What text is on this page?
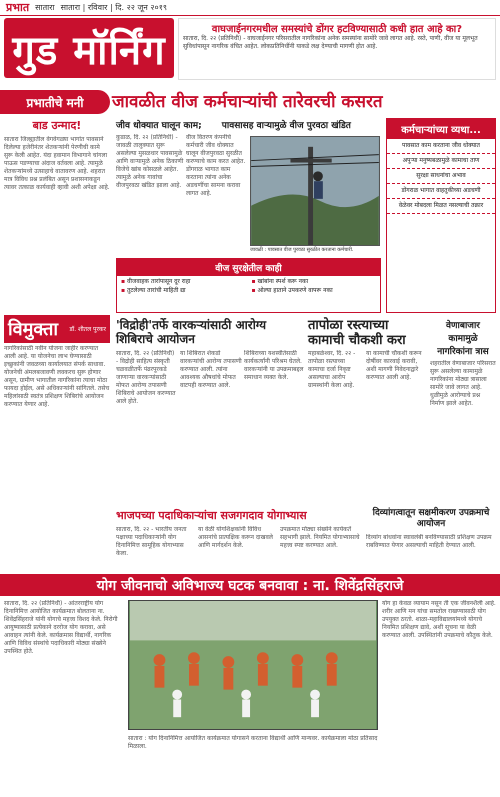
प्रभात सातारा सातारा | रविवार | दि. २२ जून २०१९
गुड मॉर्निंग	वाघजाईनगरमधील समस्यांचे डोंगर हटविण्यासाठी कधी हात आहे का?
सातारा, दि. २२ (प्रतिनिधी) - वाघजाईनगर परिसरातील नागरिकांना अनेक समस्यांना सामोरे जावे लागत आहे. रस्ते, पाणी, वीज या मूलभूत सुविधांपासून नागरिक वंचित आहेत. लोकप्रतिनिधींनी याकडे लक्ष देण्याची मागणी होत आहे.
प्रभातीचे मनी	जावळीत वीज कर्मचाऱ्यांची तारेवरची कसरत
बाड उन्माद!
सातारा जिल्ह्यातील वेगवेगळ्या भागांत पावसाने दिलेल्या हजेरीनंतर शेतकऱ्यांनी पेरणीची कामे सुरू केली आहेत. यंदा हवामान विभागाने चांगला पाऊस पडण्याचा अंदाज वर्तवला आहे. त्यामुळे शेतकऱ्यांमध्ये उत्साहाचे वातावरण आहे. शहरात मात्र विविध प्रश्न प्रलंबित असून प्रशासनाकडून त्यावर तत्काळ कार्यवाही व्हावी अशी अपेक्षा आहे.
विमुक्ता डॉ. शीतल पुरकर
नागरिकांसाठी नवीन योजना जाहीर करण्यात आली आहे. या योजनेचा लाभ घेण्यासाठी इच्छुकांनी जवळच्या कार्यालयात संपर्क साधावा. योजनेची अंमलबजावणी लवकरच सुरू होणार असून, ग्रामीण भागातील नागरिकांना त्याचा मोठा फायदा होईल, असे अधिकाऱ्यांनी सांगितले. तसेच महिलांसाठी स्वतंत्र प्रशिक्षण शिबिरांचे आयोजन करण्यात येणार आहे.
जीव धोक्यात घालून काम; पावसासह वाऱ्यामुळे वीज पुरवठा खंडित
कुडाळ, दि. २२ (प्रतिनिधी) - जावळी तालुक्यात सुरू असलेल्या मुसळधार पावसामुळे आणि वाऱ्यामुळे अनेक ठिकाणी विजेचे खांब कोसळले आहेत. त्यामुळे अनेक गावांचा वीजपुरवठा खंडित झाला आहे.
वीज वितरण कंपनीचे कर्मचारी जीव धोक्यात घालून वीजपुरवठा सुरळीत करण्याचे काम करत आहेत. डोंगराळ भागात काम करताना त्यांना अनेक अडचणींचा सामना करावा लागत आहे.
जावळी : पावसात वीज पुरवठा सुरळीत करताना कर्मचारी.
कर्मचाऱ्यांच्या व्यथा...
पावसात काम करताना जीव धोक्यात
अपुऱ्या मनुष्यबळामुळे कामाचा ताण
सुरक्षा साधनांचा अभाव
डोंगराळ भागात वाहतुकीच्या अडचणी
वेळेवर मोबदला मिळत नसल्याची तक्रार
वीज सुरक्षेतील काही
▪ वीजवाहक तारांपासून दूर राहा	▪ खांबांना स्पर्श करू नका
▪ तुटलेल्या तारांची माहिती द्या	▪ ओल्या हाताने उपकरणे वापरू नका
'विद्रोही'तर्फे वारकऱ्यांसाठी आरोग्य शिबिराचे आयोजन
तापोळा रस्त्याच्या कामाची चौकशी करा
सातारा, दि. २२ (प्रतिनिधी) - विद्रोही साहित्य संस्कृती चळवळीतर्फे पंढरपूरकडे जाणाऱ्या वारकऱ्यांसाठी मोफत आरोग्य तपासणी शिबिराचे आयोजन करण्यात आले होते.
या शिबिरात शेकडो वारकऱ्यांची आरोग्य तपासणी करण्यात आली. त्यांना आवश्यक औषधांचे मोफत वाटपही करण्यात आले.
शिबिराच्या यशस्वीतेसाठी कार्यकर्त्यांनी परिश्रम घेतले. वारकऱ्यांनी या उपक्रमाबद्दल समाधान व्यक्त केले.
महाबळेश्वर, दि. २२ - तापोळा रस्त्याच्या कामाचा दर्जा निकृष्ट असल्याचा आरोप ग्रामस्थांनी केला आहे.
या कामाची चौकशी करून दोषींवर कारवाई करावी, अशी मागणी निवेदनाद्वारे करण्यात आली आहे.
वेणाबाजार कामामुळे नागरिकांना त्रास
शहरातील वेणाबाजार परिसरात सुरू असलेल्या कामामुळे नागरिकांना मोठ्या त्रासाला सामोरे जावे लागत आहे. धुळीमुळे आरोग्याचे प्रश्न निर्माण झाले आहेत.
भाजपच्या पदाधिकाऱ्यांचा सजगगदाव योगाभ्यास	दिव्यांगत्वातून सक्षमीकरण उपक्रमाचे आयोजन
सातारा, दि. २२ - भारतीय जनता पक्षाच्या पदाधिकाऱ्यांनी योग दिनानिमित्त सामूहिक योगाभ्यास केला.
या वेळी योगशिक्षकांनी विविध आसनांचे प्रात्यक्षिक करून दाखवले आणि मार्गदर्शन केले.
उपक्रमात मोठ्या संख्येने कार्यकर्ते सहभागी झाले. नियमित योगाभ्यासाचे महत्त्व स्पष्ट करण्यात आले.
दिव्यांग बांधवांना स्वावलंबी बनविण्यासाठी प्रशिक्षण उपक्रम राबविण्यात येणार असल्याची माहिती देण्यात आली.
योग जीवनाचो अविभाज्य घटक बनवावा : ना. शिवेंद्रसिंहराजे
सातारा, दि. २२ (प्रतिनिधी) - आंतरराष्ट्रीय योग दिनानिमित्त आयोजित कार्यक्रमात बोलताना ना. शिवेंद्रसिंहराजे यांनी योगाचे महत्त्व विशद केले. निरोगी आयुष्यासाठी प्रत्येकाने दररोज योग करावा, असे आवाहन त्यांनी केले. कार्यक्रमास विद्यार्थी, नागरिक आणि विविध संस्थांचे पदाधिकारी मोठ्या संख्येने उपस्थित होते.
सातारा : योग दिनानिमित्त आयोजित कार्यक्रमात योगासने करताना विद्यार्थी आणि मान्यवर. कार्यक्रमाला मोठा प्रतिसाद मिळाला.
योग हा केवळ व्यायाम नसून ती एक जीवनशैली आहे. शरीर आणि मन यांचा समतोल राखण्यासाठी योग उपयुक्त ठरतो. शाळा-महाविद्यालयांमध्ये योगाचे नियमित प्रशिक्षण द्यावे, अशी सूचना या वेळी करण्यात आली. उपस्थितांनी उपक्रमाचे कौतुक केले.
